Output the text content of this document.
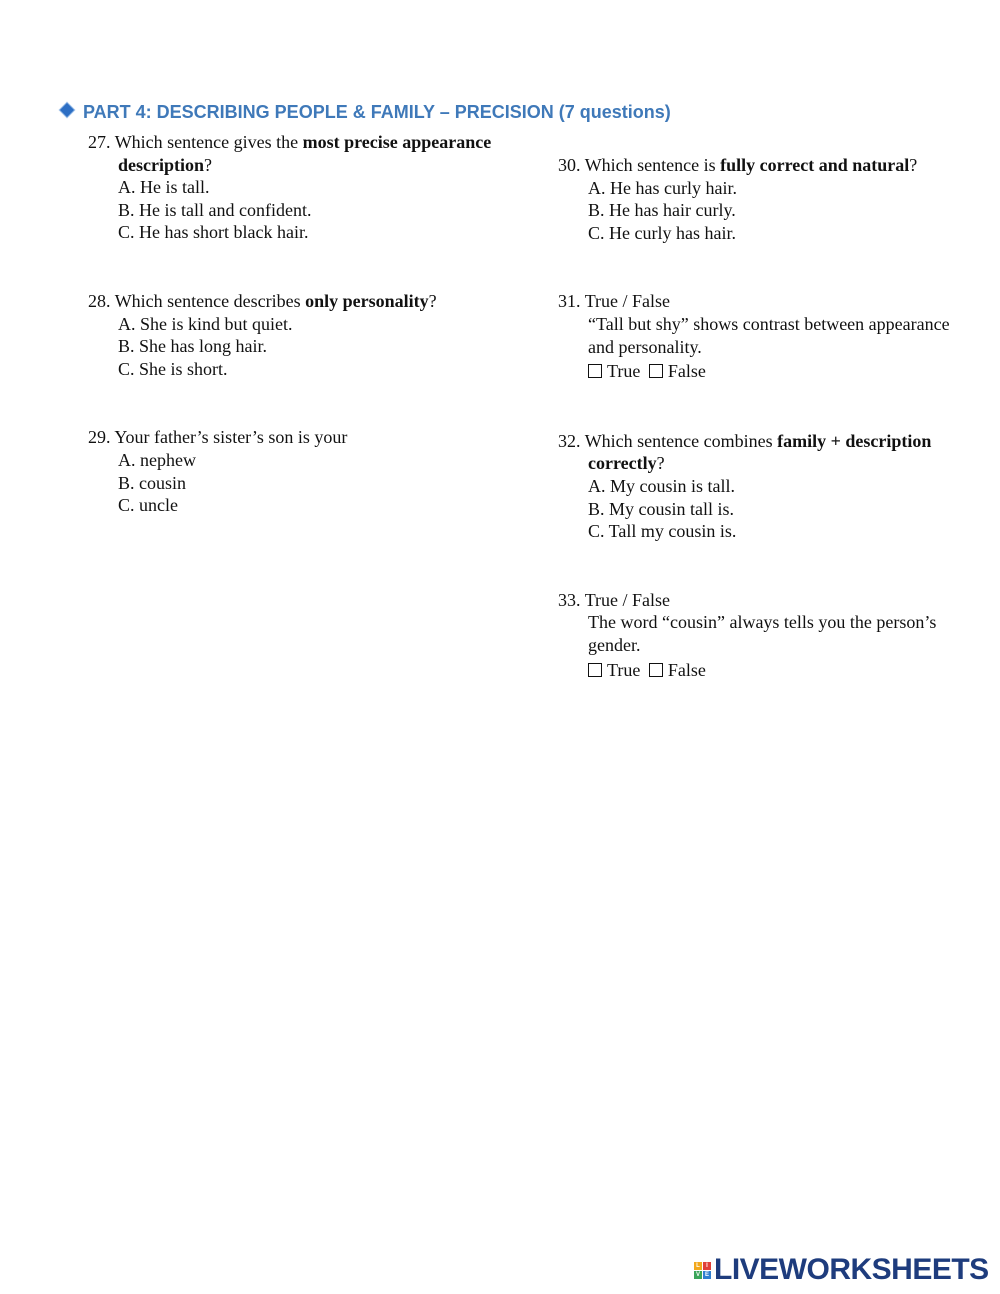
PART 4: DESCRIBING PEOPLE & FAMILY – PRECISION (7 questions)
27. Which sentence gives the most precise appearance description?
A. He is tall.
B. He is tall and confident.
C. He has short black hair.
28. Which sentence describes only personality?
A. She is kind but quiet.
B. She has long hair.
C. She is short.
29. Your father’s sister’s son is your
A. nephew
B. cousin
C. uncle
30. Which sentence is fully correct and natural?
A. He has curly hair.
B. He has hair curly.
C. He curly has hair.
31. True / False
“Tall but shy” shows contrast between appearance and personality.
True False
32. Which sentence combines family + description correctly?
A. My cousin is tall.
B. My cousin tall is.
C. Tall my cousin is.
33. True / False
The word “cousin” always tells you the person’s gender.
True False
L	I
V E LIVEWORKSHEETS
